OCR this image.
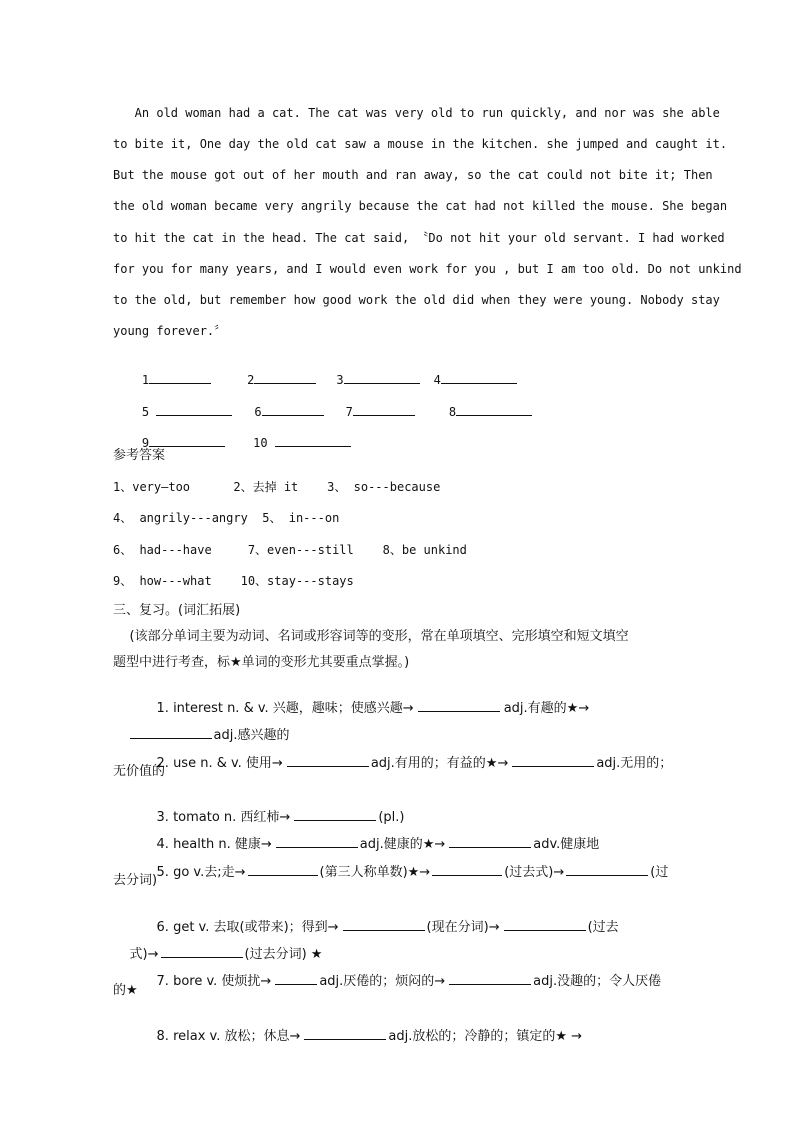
An old woman had a cat. The cat was very old to run quickly, and nor was she able
to bite it, One day the old cat saw a mouse in the kitchen. she jumped and caught it.
But the mouse got out of her mouth and ran away, so the cat could not bite it; Then
the old woman became very angrily because the cat had not killed the mouse. She began
to hit the cat in the head. The cat said, 〝Do not hit your old servant. I had worked
for you for many years, and I would even work for you , but I am too old. Do not unkind
to the old, but remember how good work the old did when they were young. Nobody stay
young forever.〞

1	2	3	4

5	6	7	8

9	10

参考答案
1、very—too      2、去掉 it    3、 so---because
4、 angrily---angry  5、 in---on
6、 had---have     7、even---still    8、be unkind
9、 how---what    10、stay---stays
三、复习。(词汇拓展)
(该部分单词主要为动词、名词或形容词等的变形，常在单项填空、完形填空和短文填空
题型中进行考查，标★单词的变形尤其要重点掌握。)

1. interest n. & v. 兴趣，趣味；使感兴趣→	adj.有趣的★→

adj.感兴趣的

2. use n. & v. 使用→	adj.有用的；有益的★→	adj.无用的；

无价值的

3. tomato n. 西红柿→	(pl.)

4. health n. 健康→	adj.健康的★→	adv.健康地

5. go v.去;走→	(第三人称单数)★→	(过去式)→	(过

去分词)

6. get v. 去取(或带来)；得到→	(现在分词)→	(过去

式)→	(过去分词) ★

7. bore v. 使烦扰→	adj.厌倦的；烦闷的→	adj.没趣的；令人厌倦

的★

8. relax v. 放松；休息→	adj.放松的；冷静的；镇定的★ →
